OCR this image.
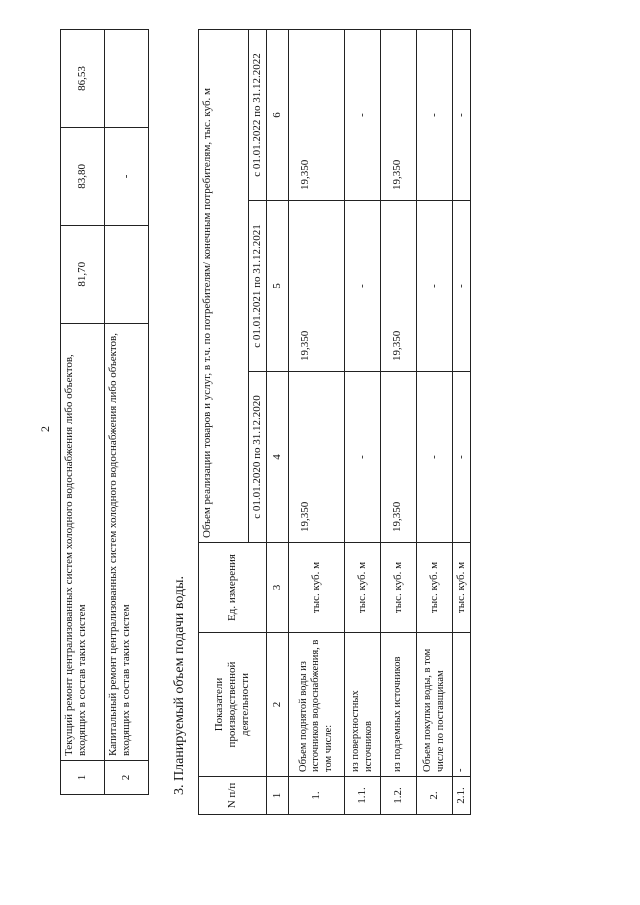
2
1	Текущий ремонт централизованных систем холодного водоснабжения либо объектов, входящих в состав таких систем	81,70	83,80	86,53
2	Капитальный ремонт централизованных систем холодного водоснабжения либо объектов, входящих в состав таких систем		-	
3. Планируемый объем подачи воды.
N п/п	Показатели производственной деятельности	Ед. измерения	Объем реализации товаров и услуг, в т.ч. по потребителям/ конечным потребителям, тыс. куб. м		
			с 01.01.2020 по 31.12.2020	с 01.01.2021 по 31.12.2021	с 01.01.2022 по 31.12.2022
1	2	3	4	5	6
1.	Объем поднятой воды из источников водоснабжения, в том числе:	тыс. куб. м	19,350	19,350	19,350
1.1.	из поверхностных источников	тыс. куб. м	-	-	-
1.2.	из подземных источников	тыс. куб. м	19,350	19,350	19,350
2.	Объем покупки воды, в том числе по поставщикам	тыс. куб. м	-	-	-
2.1.	-	тыс. куб. м	-	-	-
